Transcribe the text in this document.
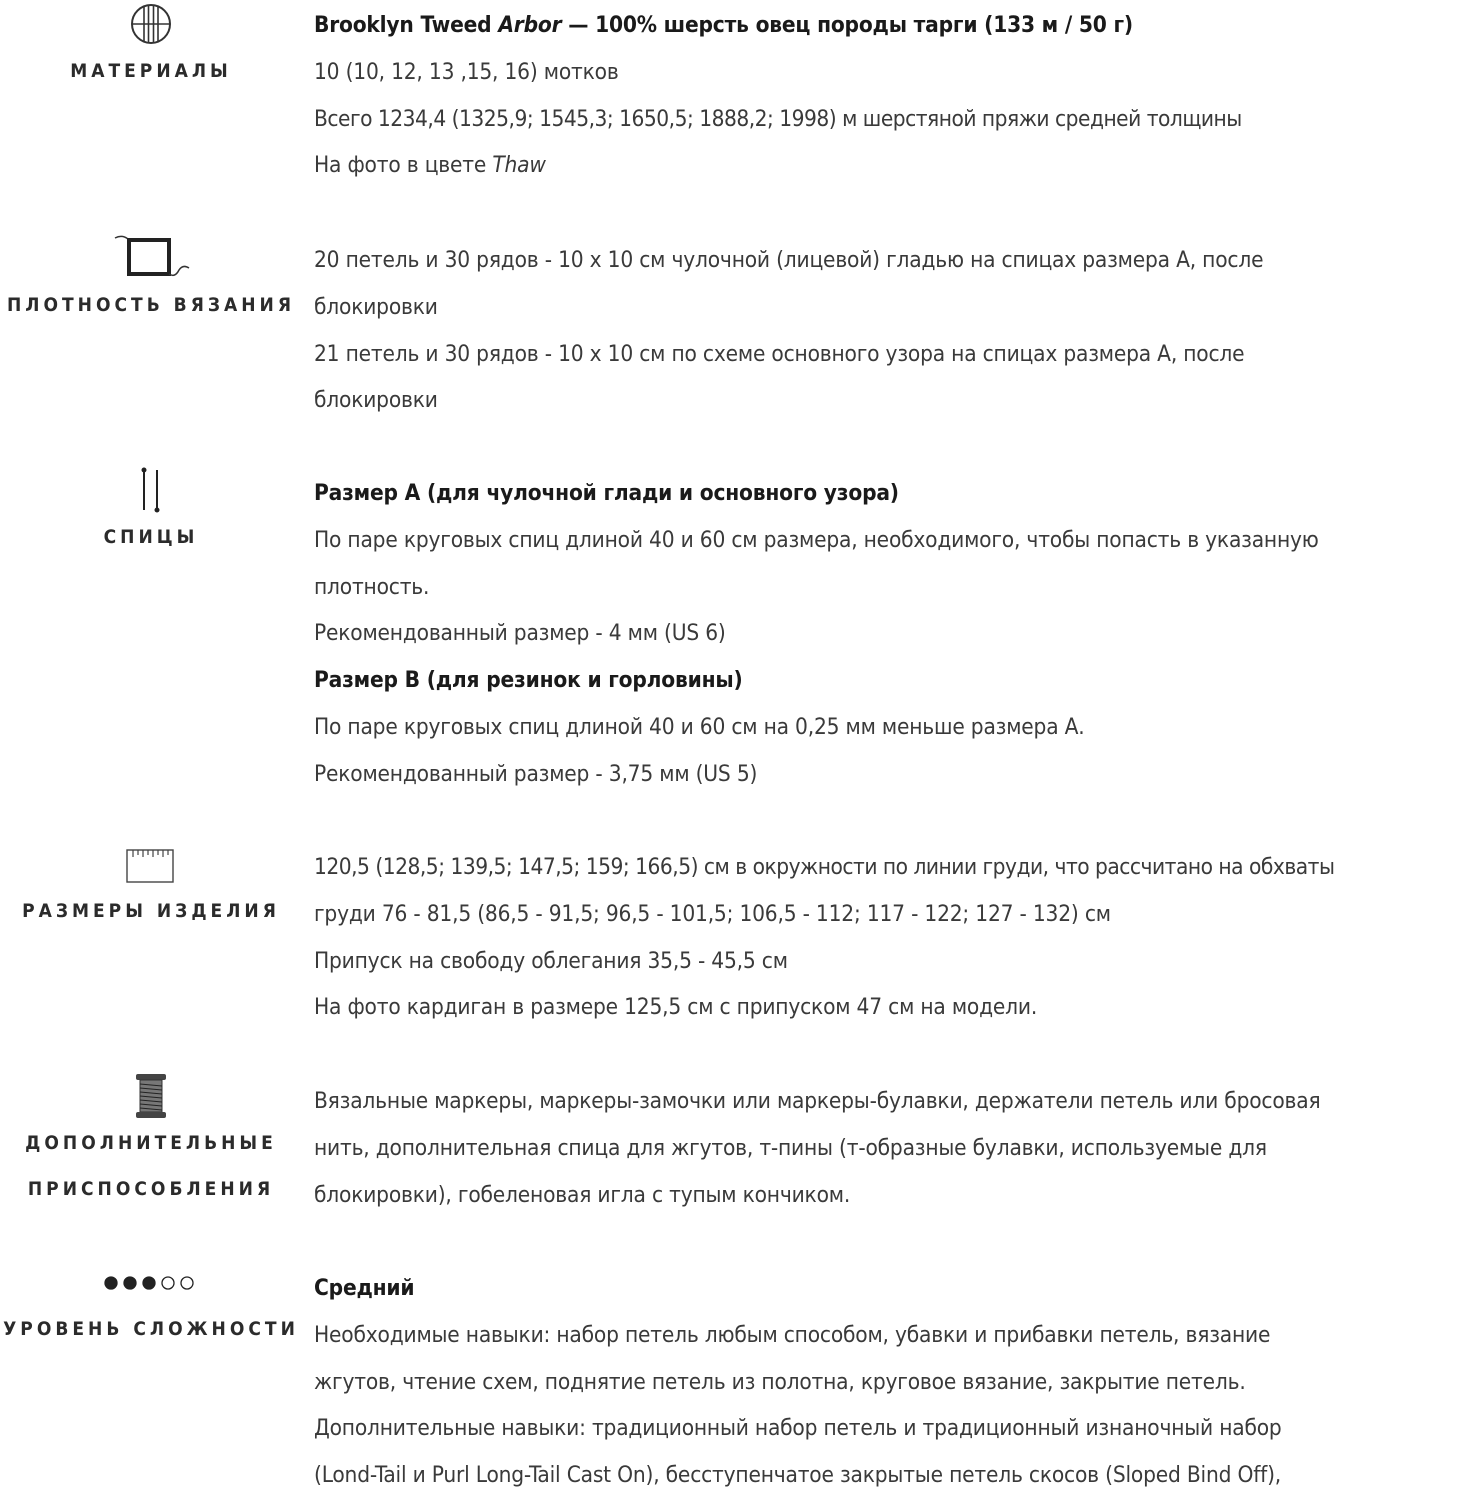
МАТЕРИАЛЫ
Brooklyn Tweed Arbor — 100% шерсть овец породы тарги (133 м / 50 г)
10 (10, 12, 13 ,15, 16) мотков
Всего 1234,4 (1325,9; 1545,3; 1650,5; 1888,2; 1998) м шерстяной пряжи средней толщины
На фото в цвете Thaw
ПЛОТНОСТЬ ВЯЗАНИЯ
20 петель и 30 рядов - 10 х 10 см чулочной (лицевой) гладью на спицах размера А, после
блокировки
21 петель и 30 рядов - 10 х 10 см по схеме основного узора на спицах размера А, после
блокировки
СПИЦЫ
Размер А (для чулочной глади и основного узора)
По паре круговых спиц длиной 40 и 60 см размера, необходимого, чтобы попасть в указанную
плотность.
Рекомендованный размер - 4 мм (US 6)
Размер B (для резинок и горловины)
По паре круговых спиц длиной 40 и 60 см на 0,25 мм меньше размера А.
Рекомендованный размер - 3,75 мм (US 5)
РАЗМЕРЫ ИЗДЕЛИЯ
120,5 (128,5; 139,5; 147,5; 159; 166,5) см в окружности по линии груди, что рассчитано на обхваты
груди 76 - 81,5 (86,5 - 91,5; 96,5 - 101,5; 106,5 - 112; 117 - 122; 127 - 132) см
Припуск на свободу облегания 35,5 - 45,5 см
На фото кардиган в размере 125,5 см с припуском 47 см на модели.
ДОПОЛНИТЕЛЬНЫЕ
ПРИСПОСОБЛЕНИЯ
Вязальные маркеры, маркеры-замочки или маркеры-булавки, держатели петель или бросовая
нить, дополнительная спица для жгутов, т-пины (т-образные булавки, используемые для
блокировки), гобеленовая игла с тупым кончиком.
УРОВЕНЬ СЛОЖНОСТИ
Средний
Необходимые навыки: набор петель любым способом, убавки и прибавки петель, вязание
жгутов, чтение схем, поднятие петель из полотна, круговое вязание, закрытие петель.
Дополнительные навыки: традиционный набор петель и традиционный изнаночный набор
(Lond-Tail и Purl Long-Tail Cast On), бесступенчатое закрытые петель скосов (Sloped Bind Off),
